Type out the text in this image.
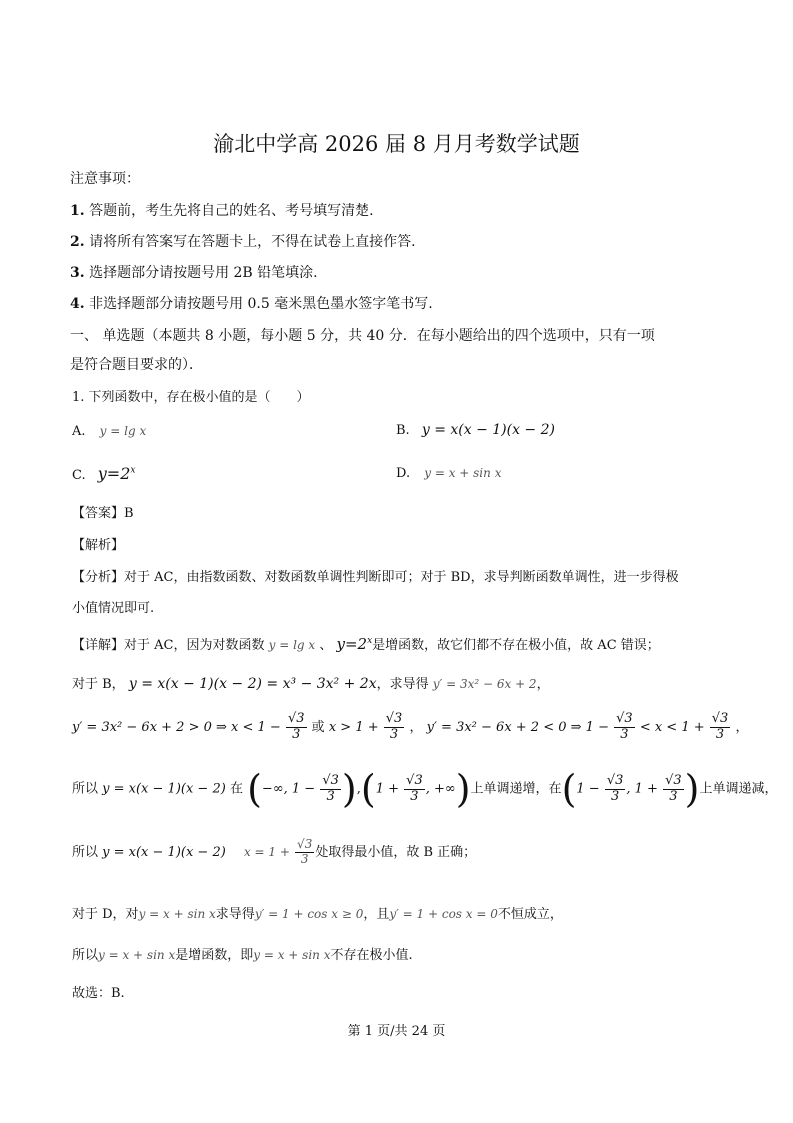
渝北中学高 2026 届 8 月月考数学试题
注意事项：
1. 答题前，考生先将自己的姓名、考号填写清楚.
2. 请将所有答案写在答题卡上，不得在试卷上直接作答.
3. 选择题部分请按题号用 2B 铅笔填涂.
4. 非选择题部分请按题号用 0.5 毫米黑色墨水签字笔书写.
一、 单选题（本题共 8 小题，每小题 5 分，共 40 分．在每小题给出的四个选项中，只有一项
是符合题目要求的）．
1. 下列函数中，存在极小值的是（　　）
A. y = lg x	B. y = x(x − 1)(x − 2)
C. $y=2^x$	D. y = x + sin x
【答案】B
【解析】
【分析】对于 AC，由指数函数、对数函数单调性判断即可；对于 BD，求导判断函数单调性，进一步得极
小值情况即可.
【详解】对于 AC，因为对数函数 y = lg x 、 $y=2^x$是增函数，故它们都不存在极小值，故 AC 错误；
对于 B， y = x(x − 1)(x − 2) = x³ − 3x² + 2x，求导得 y′ = 3x² − 6x + 2，
y′ = 3x² − 6x + 2 > 0 ⇒ $x < 1 - \frac{√3}{3}$ 或 $x > 1 + \frac{√3}{3}$ ， y′ = 3x² − 6x + 2 < 0 ⇒ $1 - \frac{√3}{3} < x < 1 + \frac{√3}{3}$ ，
所以 y = x(x − 1)(x − 2) 在 (−∞, $1 - \frac{√3}{3} ),(1 + \frac{√3}{3}$ , +∞)上单调递增，在($1 - \frac{√3}{3}$ , $1 + \frac{√3}{3}$ )上单调递减，
所以 y = x(x − 1)(x − 2) $x = 1 + \frac{√3}{3}$ 处取得最小值，故 B 正确；
对于 D，对y = x + sin x求导得y′ = 1 + cos x ≥ 0，且y′ = 1 + cos x = 0不恒成立，
所以y = x + sin x是增函数，即y = x + sin x不存在极小值.
故选：B.
第 1 页/共 24 页
